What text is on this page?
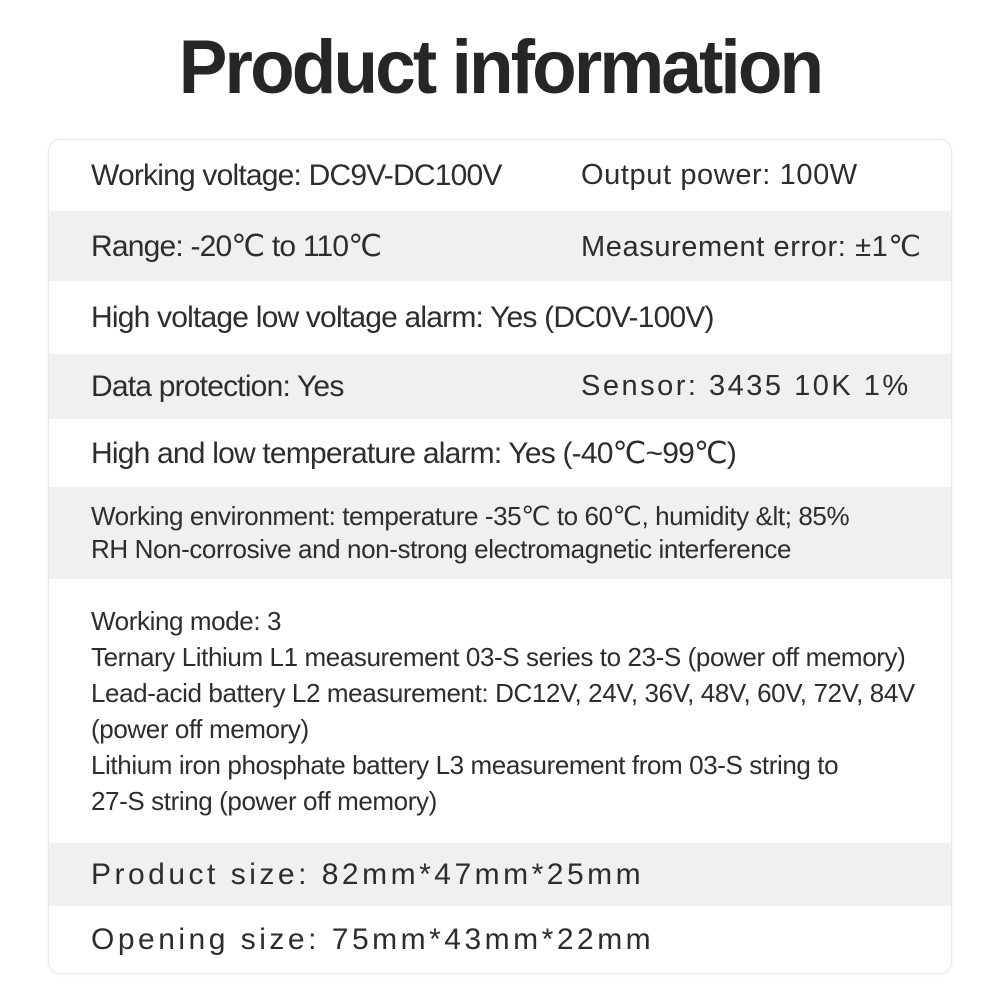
Product information
Working voltage: DC9V-DC100V	Output power: 100W
Range: -20℃ to 110℃	Measurement error: ±1℃
High voltage low voltage alarm: Yes (DC0V-100V)
Data protection: Yes	Sensor: 3435 10K 1%
High and low temperature alarm: Yes (-40℃~99℃)
Working environment: temperature -35℃ to 60℃, humidity &lt; 85%
RH Non-corrosive and non-strong electromagnetic interference
Working mode: 3
Ternary Lithium L1 measurement 03-S series to 23-S (power off memory)
Lead-acid battery L2 measurement: DC12V, 24V, 36V, 48V, 60V, 72V, 84V
(power off memory)
Lithium iron phosphate battery L3 measurement from 03-S string to
27-S string (power off memory)
Product size: 82mm*47mm*25mm
Opening size: 75mm*43mm*22mm
